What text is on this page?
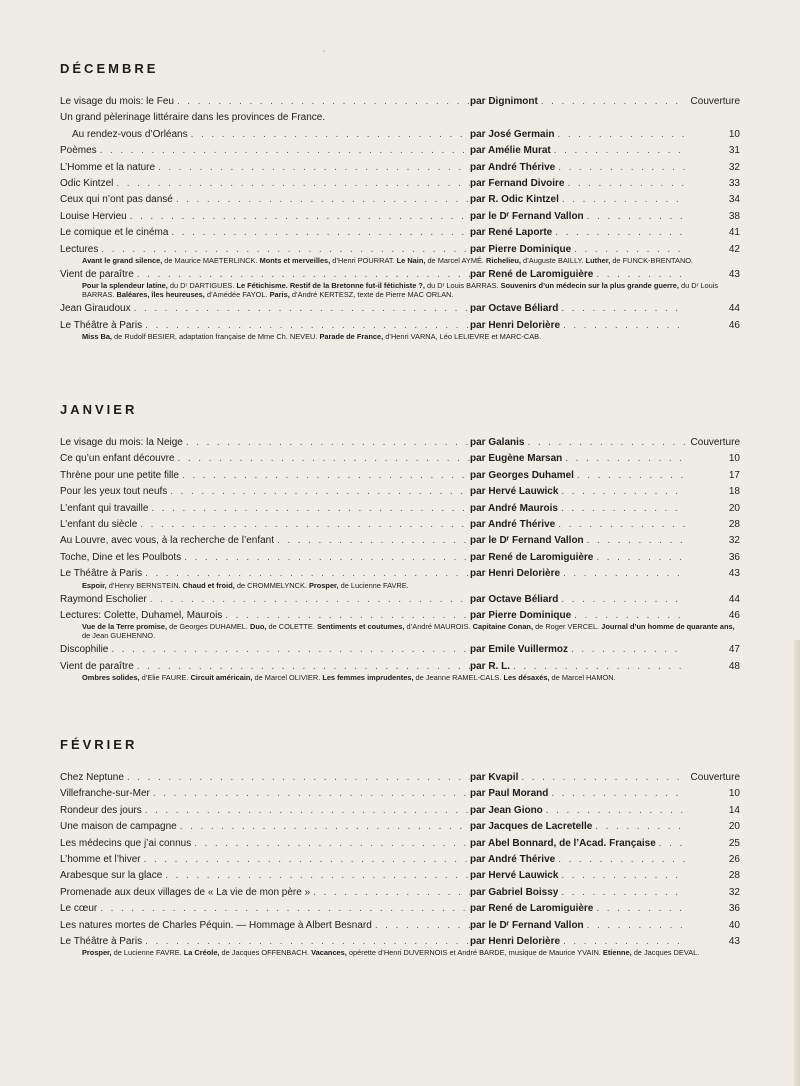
ˏ
DÉCEMBRE
Le visage du mois: le Feu . . .	par Dignimont . . .	Couverture
Un grand pèlerinage littéraire dans les provinces de France.
Au rendez-vous d’Orléans . . .	par José Germain . . .	10
Poèmes . . .	par Amélie Murat . . .	31
L’Homme et la nature . . .	par André Thérive . . .	32
Odic Kintzel . . .	par Fernand Divoire . . .	33
Ceux qui n’ont pas dansé . . .	par R. Odic Kintzel . . .	34
Louise Hervieu . . .	par le Dʳ Fernand Vallon . . .	38
Le comique et le cinéma . . .	par René Laporte . . .	41
Lectures . . .	par Pierre Dominique . . .	42
Avant le grand silence, de Maurice MAETERLINCK. Monts et merveilles, d’Henri POURRAT. Le Nain, de Marcel AYMÉ. Richelieu, d’Auguste BAILLY. Luther, de FUNCK-BRENTANO.
Vient de paraître . . .	par René de Laromiguière . . .	43
Pour la splendeur latine, du Dʳ DARTIGUES. Le Fétichisme. Restif de la Bretonne fut-il fétichiste ?, du Dʳ Louis BARRAS. Souvenirs d’un médecin sur la plus grande guerre, du Dʳ Louis BARRAS. Baléares, îles heureuses, d’Amédée FAYOL. Paris, d’André KERTESZ, texte de Pierre MAC ORLAN.
Jean Giraudoux . . .	par Octave Béliard . . .	44
Le Théâtre à Paris . . .	par Henri Delorière . . .	46
Miss Ba, de Rudolf BESIER, adaptation française de Mme Ch. NEVEU. Parade de France, d’Henri VARNA, Léo LELIEVRE et MARC-CAB.
JANVIER
Le visage du mois: la Neige . . .	par Galanis . . .	Couverture
Ce qu’un enfant découvre . . .	par Eugène Marsan . . .	10
Thrène pour une petite fille . . .	par Georges Duhamel . . .	17
Pour les yeux tout neufs . . .	par Hervé Lauwick . . .	18
L’enfant qui travaille . . .	par André Maurois . . .	20
L’enfant du siècle . . .	par André Thérive . . .	28
Au Louvre, avec vous, à la recherche de l’enfant . . .	par le Dʳ Fernand Vallon . . .	32
Toche, Dine et les Poulbots . . .	par René de Laromiguière . . .	36
Le Théâtre à Paris . . .	par Henri Delorière . . .	43
Espoir, d’Henry BERNSTEIN. Chaud et froid, de CROMMELYNCK. Prosper, de Lucienne FAVRE.
Raymond Escholier . . .	par Octave Béliard . . .	44
Lectures: Colette, Duhamel, Maurois . . .	par Pierre Dominique . . .	46
Vue de la Terre promise, de Georges DUHAMEL. Duo, de COLETTE. Sentiments et coutumes, d’André MAUROIS. Capitaine Conan, de Roger VERCEL. Journal d’un homme de quarante ans, de Jean GUEHENNO.
Discophilie . . .	par Emile Vuillermoz . . .	47
Vient de paraître . . .	par R. L. . . .	48
Ombres solides, d’Elie FAURE. Circuit américain, de Marcel OLIVIER. Les femmes imprudentes, de Jeanne RAMEL-CALS. Les désaxés, de Marcel HAMON.
FÉVRIER
Chez Neptune . . .	par Kvapil . . .	Couverture
Villefranche-sur-Mer . . .	par Paul Morand . . .	10
Rondeur des jours . . .	par Jean Giono . . .	14
Une maison de campagne . . .	par Jacques de Lacretelle . . .	20
Les médecins que j’ai connus . . .	par Abel Bonnard, de l’Acad. Française . . .	25
L’homme et l’hiver . . .	par André Thérive . . .	26
Arabesque sur la glace . . .	par Hervé Lauwick . . .	28
Promenade aux deux villages de « La vie de mon père » . . .	par Gabriel Boissy . . .	32
Le cœur . . .	par René de Laromiguière . . .	36
Les natures mortes de Charles Péquin. — Hommage à Albert Besnard . . .	par le Dʳ Fernand Vallon . . .	40
Le Théâtre à Paris . . .	par Henri Delorière . . .	43
Prosper, de Lucienne FAVRE. La Créole, de Jacques OFFENBACH. Vacances, opérette d’Henri DUVERNOIS et André BARDE, musique de Maurice YVAIN. Etienne, de Jacques DEVAL.
